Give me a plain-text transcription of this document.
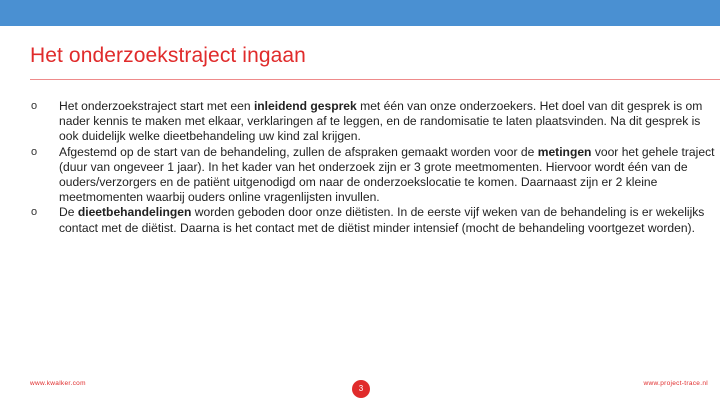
Het onderzoekstraject ingaan
o	Het onderzoekstraject start met een inleidend gesprek met één van onze onderzoekers. Het doel van dit gesprek is om nader kennis te maken met elkaar, verklaringen af te leggen, en de randomisatie te laten plaatsvinden. Na dit gesprek is ook duidelijk welke dieetbehandeling uw kind zal krijgen.
o	Afgestemd op de start van de behandeling, zullen de afspraken gemaakt worden voor de metingen voor het gehele traject (duur van ongeveer 1 jaar). In het kader van het onderzoek zijn er 3 grote meetmomenten. Hiervoor wordt één van de ouders/verzorgers en de patiënt uitgenodigd om naar de onderzoekslocatie te komen. Daarnaast zijn er 2 kleine meetmomenten waarbij ouders online vragenlijsten invullen.
o	De dieetbehandelingen worden geboden door onze diëtisten. In de eerste vijf weken van de behandeling is er wekelijks contact met de diëtist. Daarna is het contact met de diëtist minder intensief (mocht de behandeling voortgezet worden).
www.kwalker.com
3
www.project-trace.nl
